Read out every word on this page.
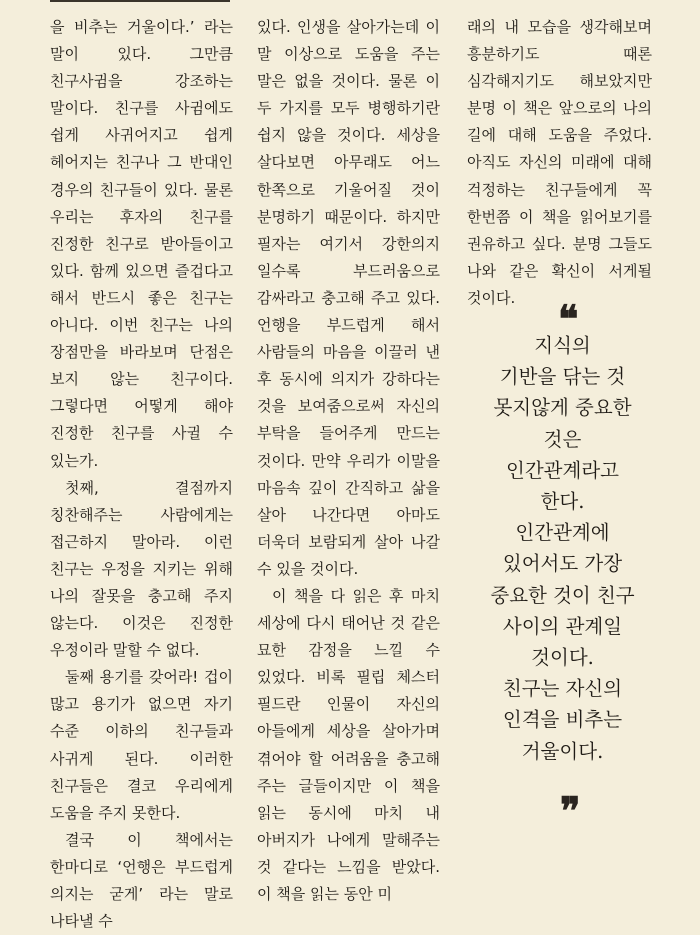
을 비추는 거울이다.’ 라는 말이 있다. 그만큼 친구사귐을 강조하는 말이다. 친구를 사귐에도 쉽게 사귀어지고 쉽게 헤어지는 친구나 그 반대인 경우의 친구들이 있다. 물론 우리는 후자의 친구를 진정한 친구로 받아들이고 있다. 함께 있으면 즐겁다고 해서 반드시 좋은 친구는 아니다. 이번 친구는 나의 장점만을 바라보며 단점은 보지 않는 친구이다. 그렇다면 어떻게 해야 진정한 친구를 사귈 수 있는가.

첫째, 결점까지 칭찬해주는 사람에게는 접근하지 말아라. 이런 친구는 우정을 지키는 위해 나의 잘못을 충고해 주지 않는다. 이것은 진정한 우정이라 말할 수 없다.

둘째 용기를 갖어라! 겁이 많고 용기가 없으면 자기 수준 이하의 친구들과 사귀게 된다. 이러한 친구들은 결코 우리에게 도움을 주지 못한다.

결국 이 책에서는 한마디로 ‘언행은 부드럽게 의지는 굳게’ 라는 말로 나타낼 수

있다. 인생을 살아가는데 이 말 이상으로 도움을 주는 말은 없을 것이다. 물론 이 두 가지를 모두 병행하기란 쉽지 않을 것이다. 세상을 살다보면 아무래도 어느 한쪽으로 기울어질 것이 분명하기 때문이다. 하지만 필자는 여기서 강한의지 일수록 부드러움으로 감싸라고 충고해 주고 있다. 언행을 부드럽게 해서 사람들의 마음을 이끌러 낸 후 동시에 의지가 강하다는 것을 보여줌으로써 자신의 부탁을 들어주게 만드는 것이다. 만약 우리가 이말을 마음속 깊이 간직하고 삶을 살아 나간다면 아마도 더욱더 보람되게 살아 나갈 수 있을 것이다.

이 책을 다 읽은 후 마치 세상에 다시 태어난 것 같은 묘한 감정을 느낄 수 있었다. 비록 필립 체스터 필드란 인물이 자신의 아들에게 세상을 살아가며 겪어야 할 어려움을 충고해 주는 글들이지만 이 책을 읽는 동시에 마치 내 아버지가 나에게 말해주는 것 같다는 느낌을 받았다. 이 책을 읽는 동안 미

래의 내 모습을 생각해보며 흥분하기도 때론 심각해지기도 해보았지만 분명 이 책은 앞으로의 나의 길에 대해 도움을 주었다. 아직도 자신의 미래에 대해 걱정하는 친구들에게 꼭 한번쯤 이 책을 읽어보기를 권유하고 싶다. 분명 그들도 나와 같은 확신이 서게될 것이다.	❝
지식의
기반을 닦는 것
못지않게 중요한
것은
인간관계라고
한다.
인간관계에
있어서도 가장
중요한 것이 친구
사이의 관계일
것이다.
친구는 자신의
인격을 비추는
거울이다.
❞
